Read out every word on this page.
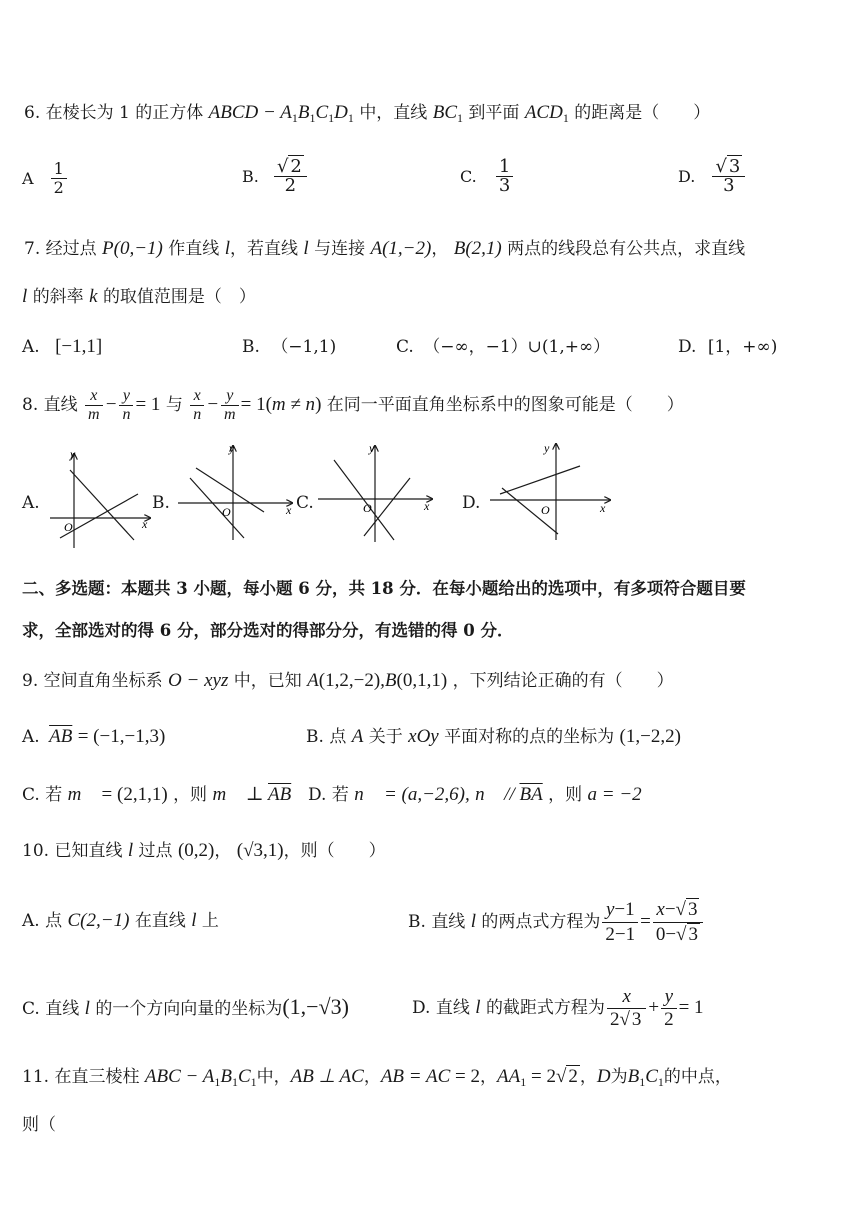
6. 在棱长为 1 的正方体 ABCD − $A_1B_1C_1D_1$ 中，直线 $BC_1$ 到平面 $ACD_1$ 的距离是（　　）
A $\frac{1}{2}$	B. $\frac{√ 2}{2}$	C. $\frac{1}{3}$	D. $\frac{√ 3}{3}$
7. 经过点 P(0,−1) 作直线 l，若直线 l 与连接 A(1,−2)， B(2,1) 两点的线段总有公共点，求直线
l 的斜率 k 的取值范围是（　）
A. [−1,1]	B. （−1,1)	C. （−∞，−1）∪(1,+∞）	D. [1，+∞)
8. 直线 $\frac{x}{m} - \frac{y}{n} = 1$ 与 $\frac{x}{n} - \frac{y}{m} = 1(m \ne n)$ 在同一平面直角坐标系中的图象可能是（　　）
A.	B.	C.	D.
O
y
x
O
y
x	O
y
x	O
y
x
二、多选题：本题共 3 小题，每小题 6 分，共 18 分．在每小题给出的选项中，有多项符合题目要
求，全部选对的得 6 分，部分选对的得部分分，有选错的得 0 分．
9. 空间直角坐标系 O − xyz 中，已知 A(1,2,−2),B(0,1,1) ，下列结论正确的有（　　）
A. $\overline{AB} = (-1,-1,3)$	B. 点 A 关于 xOy 平面对称的点的坐标为 (1,−2,2)
C. 若 m⃗ = (2,1,1) ，则 m⃗ ⊥ $\overline{AB}$ D. 若 n⃗ = (a,−2,6), n⃗ // $\overline{BA}$ ，则 a = −2
10. 已知直线 l 过点 (0,2)， (√3,1)，则（　　）
A. 点 C(2,−1) 在直线 l 上	B. 直线 l 的两点式方程为 $\frac{y-1}{2-1} = \frac{x-√ 3}{0-√ 3}$
C. 直线 l 的一个方向向量的坐标为(1,−√3)	D. 直线 l 的截距式方程为 $\frac{x}{2√ 3} + \frac{y}{2} = 1$
11. 在直三棱柱 ABC − $A_1B_1C_1$中，AB ⊥ AC，AB = AC = 2，$AA_1 = 2√$ 2 ，D为$B_1C_1$的中点，
则（
